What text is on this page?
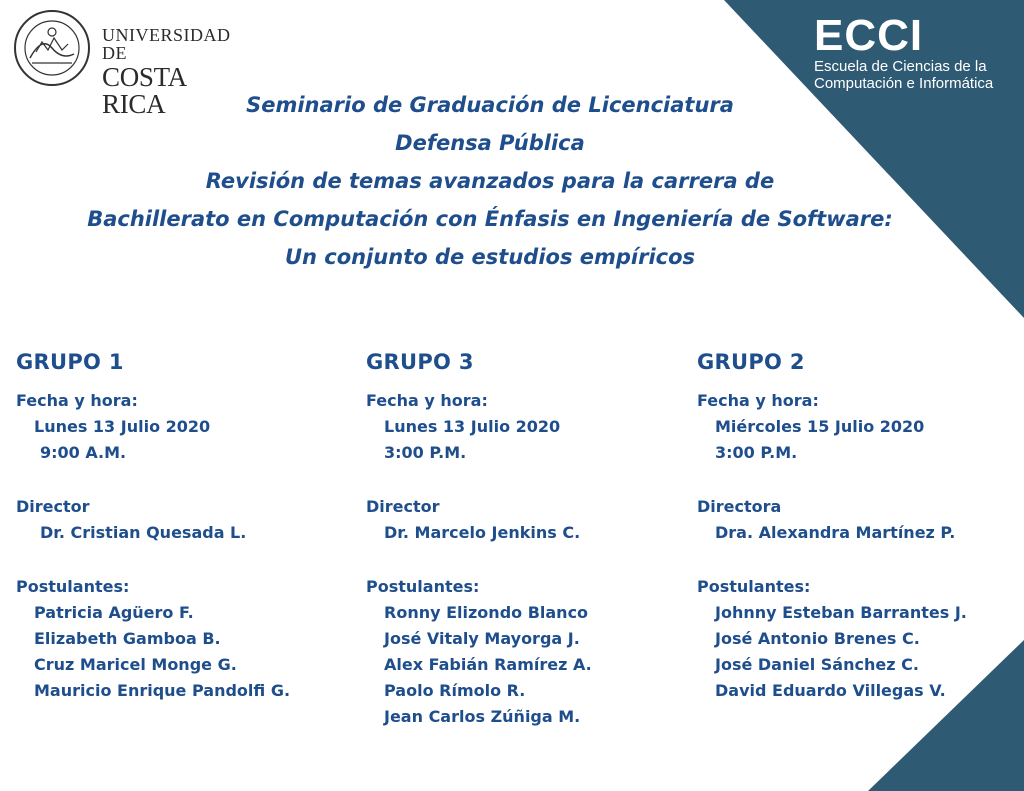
UNIVERSIDAD DE
COSTA RICA
ECCI
Escuela de Ciencias de la
Computación e Informática
Seminario de Graduación de Licenciatura
Defensa Pública
Revisión de temas avanzados para la carrera de
Bachillerato en Computación con Énfasis en Ingeniería de Software:
Un conjunto de estudios empíricos
GRUPO 1
Fecha y hora:
Lunes 13 Julio 2020
9:00 A.M.
Director
Dr. Cristian Quesada L.
Postulantes:
Patricia Agüero F.
Elizabeth Gamboa B.
Cruz Maricel Monge G.
Mauricio Enrique Pandolfi G.
GRUPO 3
Fecha y hora:
Lunes 13 Julio 2020
3:00 P.M.
Director
Dr. Marcelo Jenkins C.
Postulantes:
Ronny Elizondo Blanco
José Vitaly Mayorga J.
Alex Fabián Ramírez A.
Paolo Rímolo R.
Jean Carlos Zúñiga M.
GRUPO 2
Fecha y hora:
Miércoles 15 Julio 2020
3:00 P.M.
Directora
Dra. Alexandra Martínez P.
Postulantes:
Johnny Esteban Barrantes J.
José Antonio Brenes C.
José Daniel Sánchez C.
David Eduardo Villegas V.
